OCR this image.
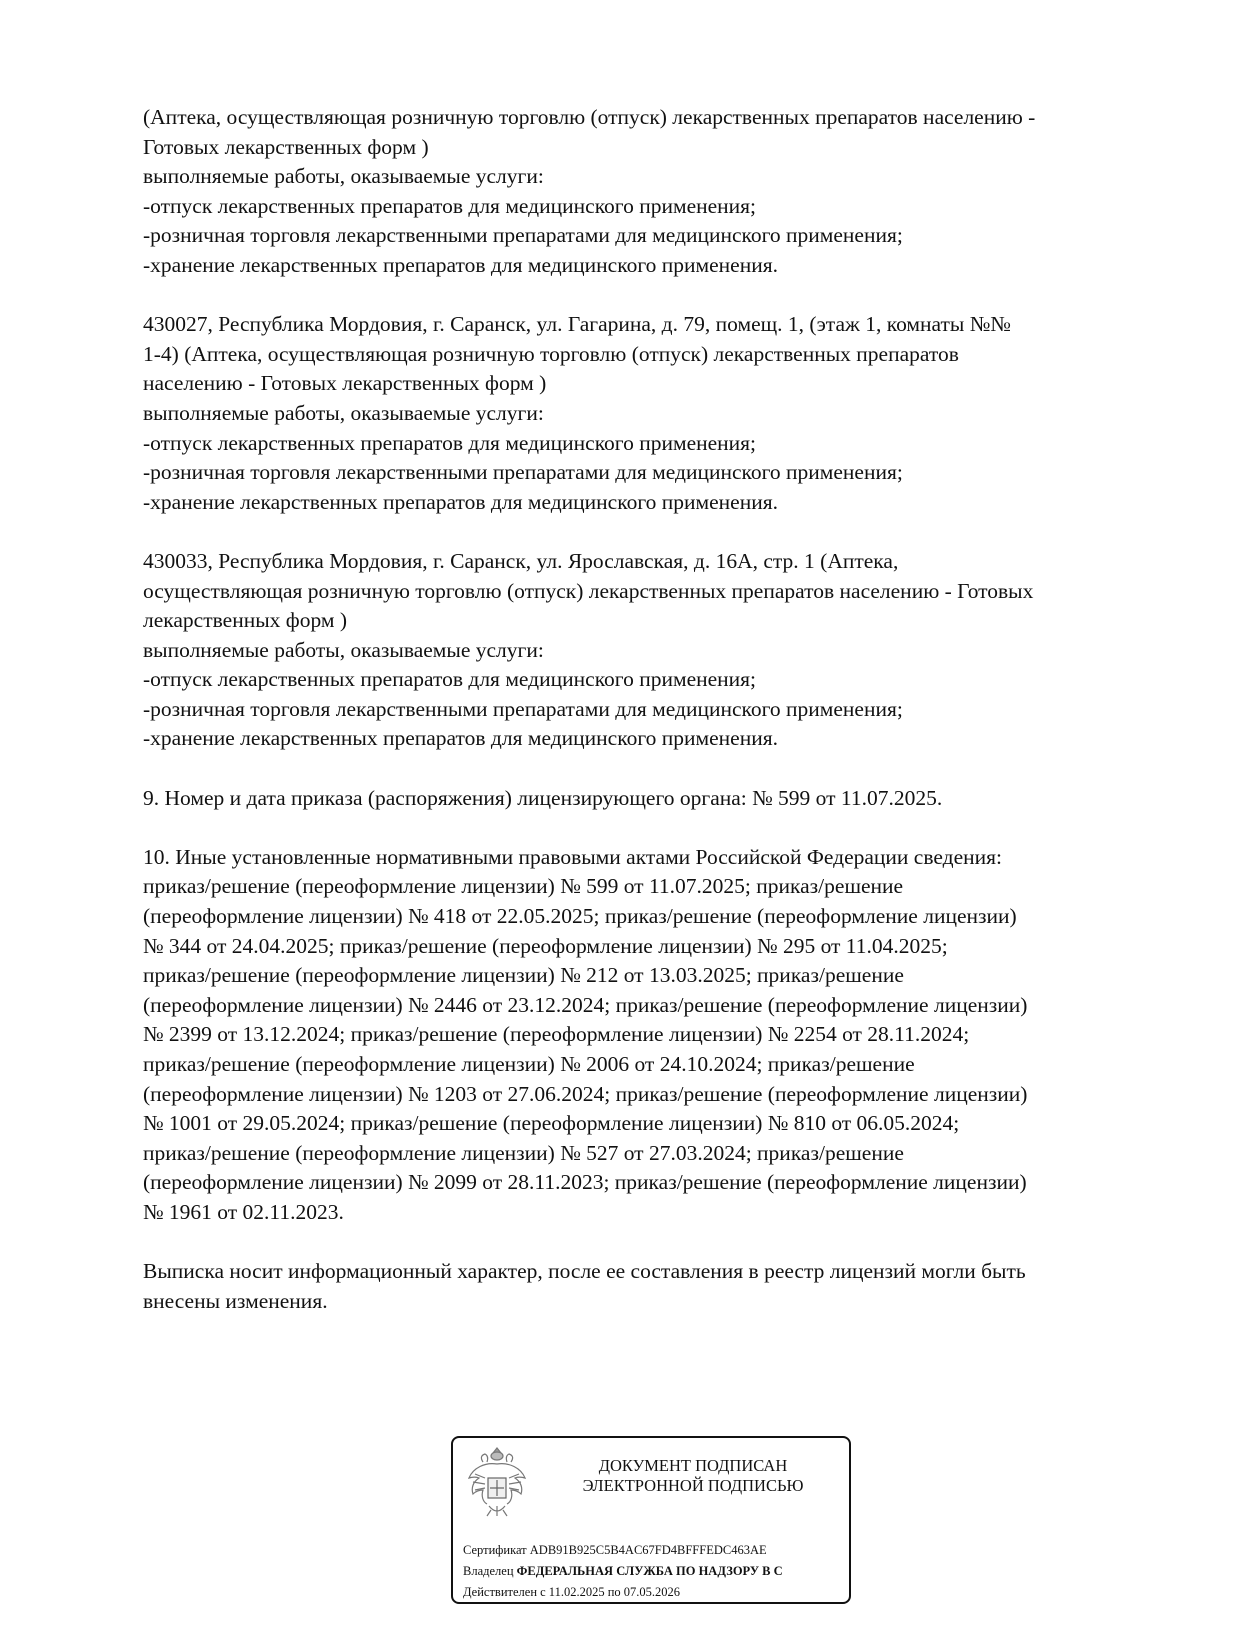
(Аптека, осуществляющая розничную торговлю (отпуск) лекарственных препаратов населению -
Готовых лекарственных форм )
выполняемые работы, оказываемые услуги:
-отпуск лекарственных препаратов для медицинского применения;
-розничная торговля лекарственными препаратами для медицинского применения;
-хранение лекарственных препаратов для медицинского применения.
430027, Республика Мордовия, г. Саранск, ул. Гагарина, д. 79, помещ. 1, (этаж 1, комнаты №№
1-4) (Аптека, осуществляющая розничную торговлю (отпуск) лекарственных препаратов
населению - Готовых лекарственных форм )
выполняемые работы, оказываемые услуги:
-отпуск лекарственных препаратов для медицинского применения;
-розничная торговля лекарственными препаратами для медицинского применения;
-хранение лекарственных препаратов для медицинского применения.
430033, Республика Мордовия, г. Саранск, ул. Ярославская, д. 16А, стр. 1 (Аптека,
осуществляющая розничную торговлю (отпуск) лекарственных препаратов населению - Готовых
лекарственных форм )
выполняемые работы, оказываемые услуги:
-отпуск лекарственных препаратов для медицинского применения;
-розничная торговля лекарственными препаратами для медицинского применения;
-хранение лекарственных препаратов для медицинского применения.
9. Номер и дата приказа (распоряжения) лицензирующего органа: № 599 от 11.07.2025.
10. Иные установленные нормативными правовыми актами Российской Федерации сведения:
приказ/решение (переоформление лицензии) № 599 от 11.07.2025; приказ/решение
(переоформление лицензии) № 418 от 22.05.2025; приказ/решение (переоформление лицензии)
№ 344 от 24.04.2025; приказ/решение (переоформление лицензии) № 295 от 11.04.2025;
приказ/решение (переоформление лицензии) № 212 от 13.03.2025; приказ/решение
(переоформление лицензии) № 2446 от 23.12.2024; приказ/решение (переоформление лицензии)
№ 2399 от 13.12.2024; приказ/решение (переоформление лицензии) № 2254 от 28.11.2024;
приказ/решение (переоформление лицензии) № 2006 от 24.10.2024; приказ/решение
(переоформление лицензии) № 1203 от 27.06.2024; приказ/решение (переоформление лицензии)
№ 1001 от 29.05.2024; приказ/решение (переоформление лицензии) № 810 от 06.05.2024;
приказ/решение (переоформление лицензии) № 527 от 27.03.2024; приказ/решение
(переоформление лицензии) № 2099 от 28.11.2023; приказ/решение (переоформление лицензии)
№ 1961 от 02.11.2023.
Выписка носит информационный характер, после ее составления в реестр лицензий могли быть
внесены изменения.
ДОКУМЕНТ ПОДПИСАН
ЭЛЕКТРОННОЙ ПОДПИСЬЮ
Сертификат ADB91B925C5B4AC67FD4BFFFEDC463AE
Владелец ФЕДЕРАЛЬНАЯ СЛУЖБА ПО НАДЗОРУ В С
Действителен с 11.02.2025 по 07.05.2026
